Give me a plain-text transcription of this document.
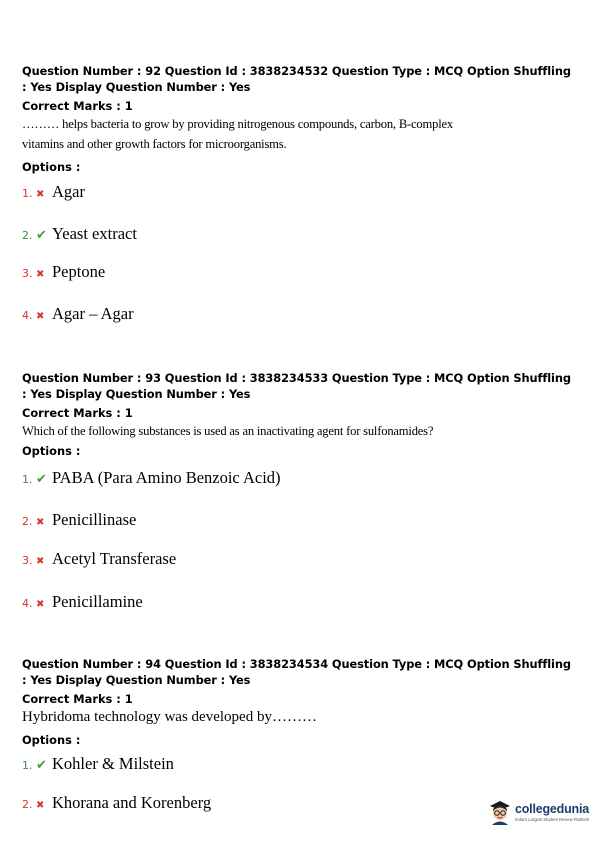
Question Number : 92 Question Id : 3838234532 Question Type : MCQ Option Shuffling : Yes Display Question Number : Yes
Correct Marks : 1
……… helps bacteria to grow by providing nitrogenous compounds, carbon, B-complex vitamins and other growth factors for microorganisms.
Options :
1. ✖ Agar
2. ✔ Yeast extract
3. ✖ Peptone
4. ✖ Agar – Agar
Question Number : 93 Question Id : 3838234533 Question Type : MCQ Option Shuffling : Yes Display Question Number : Yes
Correct Marks : 1
Which of the following substances is used as an inactivating agent for sulfonamides?
Options :
1. ✔ PABA (Para Amino Benzoic Acid)
2. ✖ Penicillinase
3. ✖ Acetyl Transferase
4. ✖ Penicillamine
Question Number : 94 Question Id : 3838234534 Question Type : MCQ Option Shuffling : Yes Display Question Number : Yes
Correct Marks : 1
Hybridoma technology was developed by………
Options :
1. ✔ Kohler & Milstein
2. ✖ Khorana and Korenberg	collegedunia
India's Largest Student Review Platform
